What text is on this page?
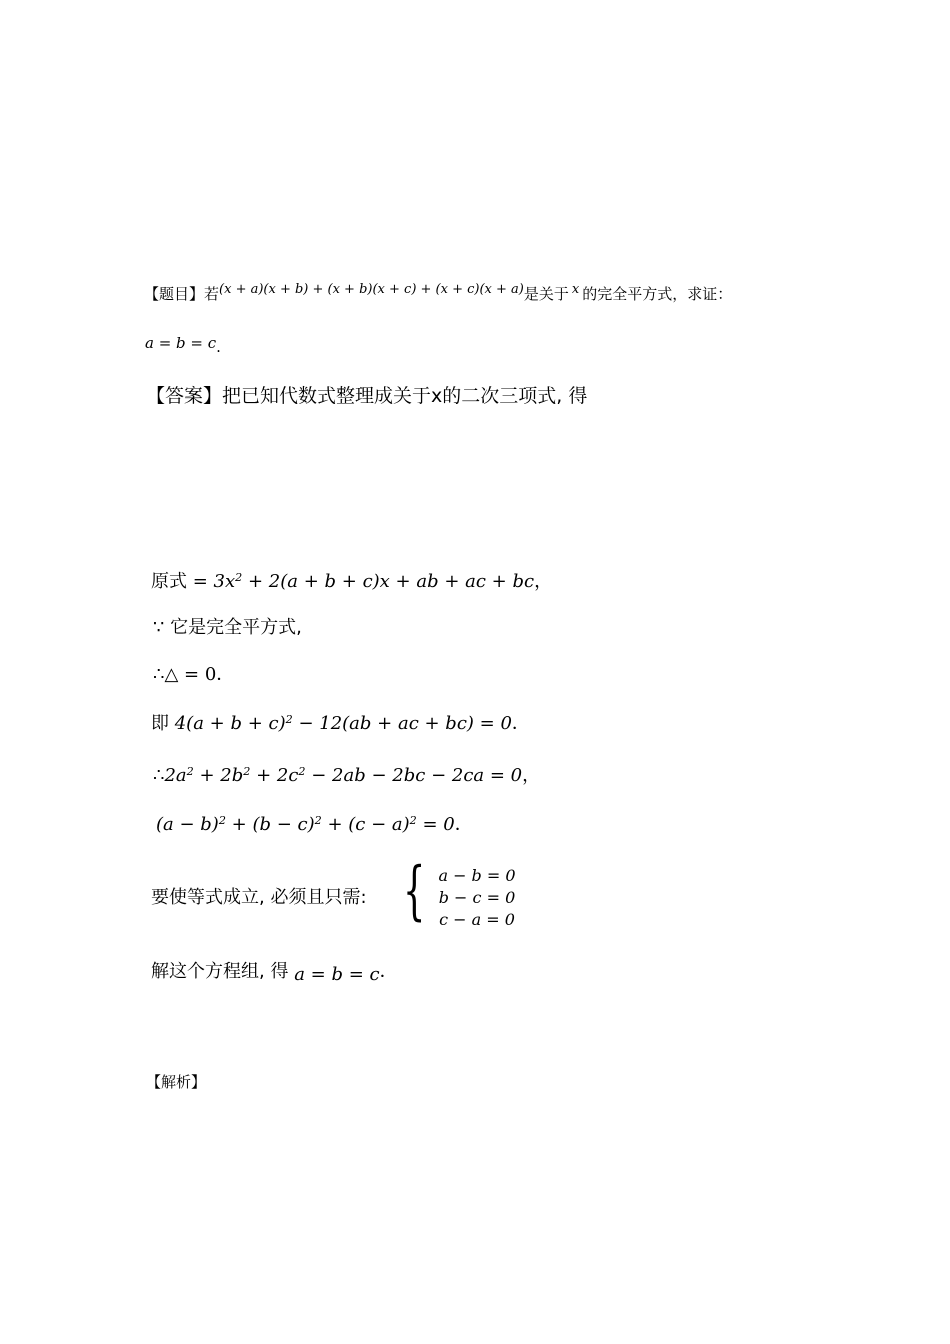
【题目】若(x + a)(x + b) + (x + b)(x + c) + (x + c)(x + a)是关于 x 的完全平方式，求证：
a = b = c.
【答案】把已知代数式整理成关于x的二次三项式, 得
原式 = $3x^2 + 2(a + b + c)x$ + ab + ac + bc，
∵ 它是完全平方式,
∴△ = 0．
即 $4(a + b + c)^2 - 12(ab$ + ac + bc) = 0．
$\therefore 2a^2 + 2b^2 + 2c^2 - 2ab - 2bc - 2ca = 0$，
$(a - b)^2 + (b - c)^2 + (c - a)^2 = 0$．
要使等式成立, 必须且只需: { a − b = 0
b − c = 0
c − a = 0
解这个方程组, 得 a = b = c．
【解析】
